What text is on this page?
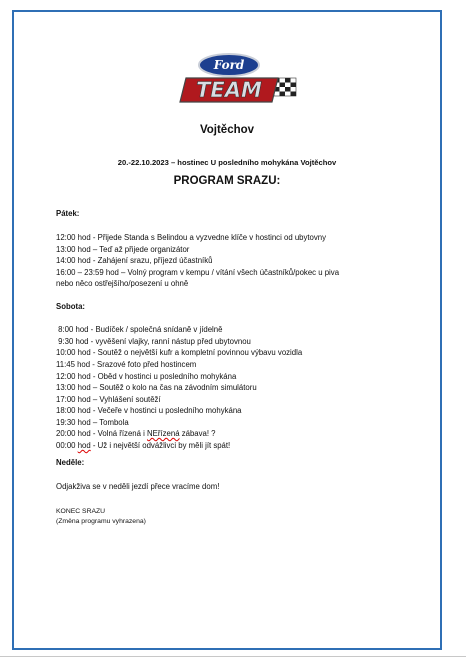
Ford
TEAM
Vojtěchov
20.-22.10.2023 – hostinec U posledního mohykána Vojtěchov
PROGRAM SRAZU:
Pátek:
12:00 hod - Přijede Standa s Belindou a vyzvedne klíče v hostinci od ubytovny
13:00 hod – Teď až přijede organizátor
14:00 hod - Zahájení srazu, příjezd účastníků
16:00 – 23:59 hod – Volný program v kempu / vítání všech účastníků/pokec u piva
nebo něco ostřejšího/posezení u ohně
Sobota:
8:00 hod - Budíček / společná snídaně v jídelně
9:30 hod - vyvěšení vlajky, ranní nástup před ubytovnou
10:00 hod - Soutěž o největší kufr a kompletní povinnou výbavu vozidla
11:45 hod - Srazové foto před hostincem
12:00 hod - Oběd v hostinci u posledního mohykána
13:00 hod – Soutěž o kolo na čas na závodním simulátoru
17:00 hod – Vyhlášení soutěží
18:00 hod - Večeře v hostinci u posledního mohykána
19:30 hod – Tombola
20:00 hod - Volná řízená i NEřízená zábava! ?
00:00 hod - Už i největší odvážlivci by měli jít spát!
Neděle:
Odjakživa se v neděli jezdí přece vracíme dom!
KONEC SRAZU
(Změna programu vyhrazena)
